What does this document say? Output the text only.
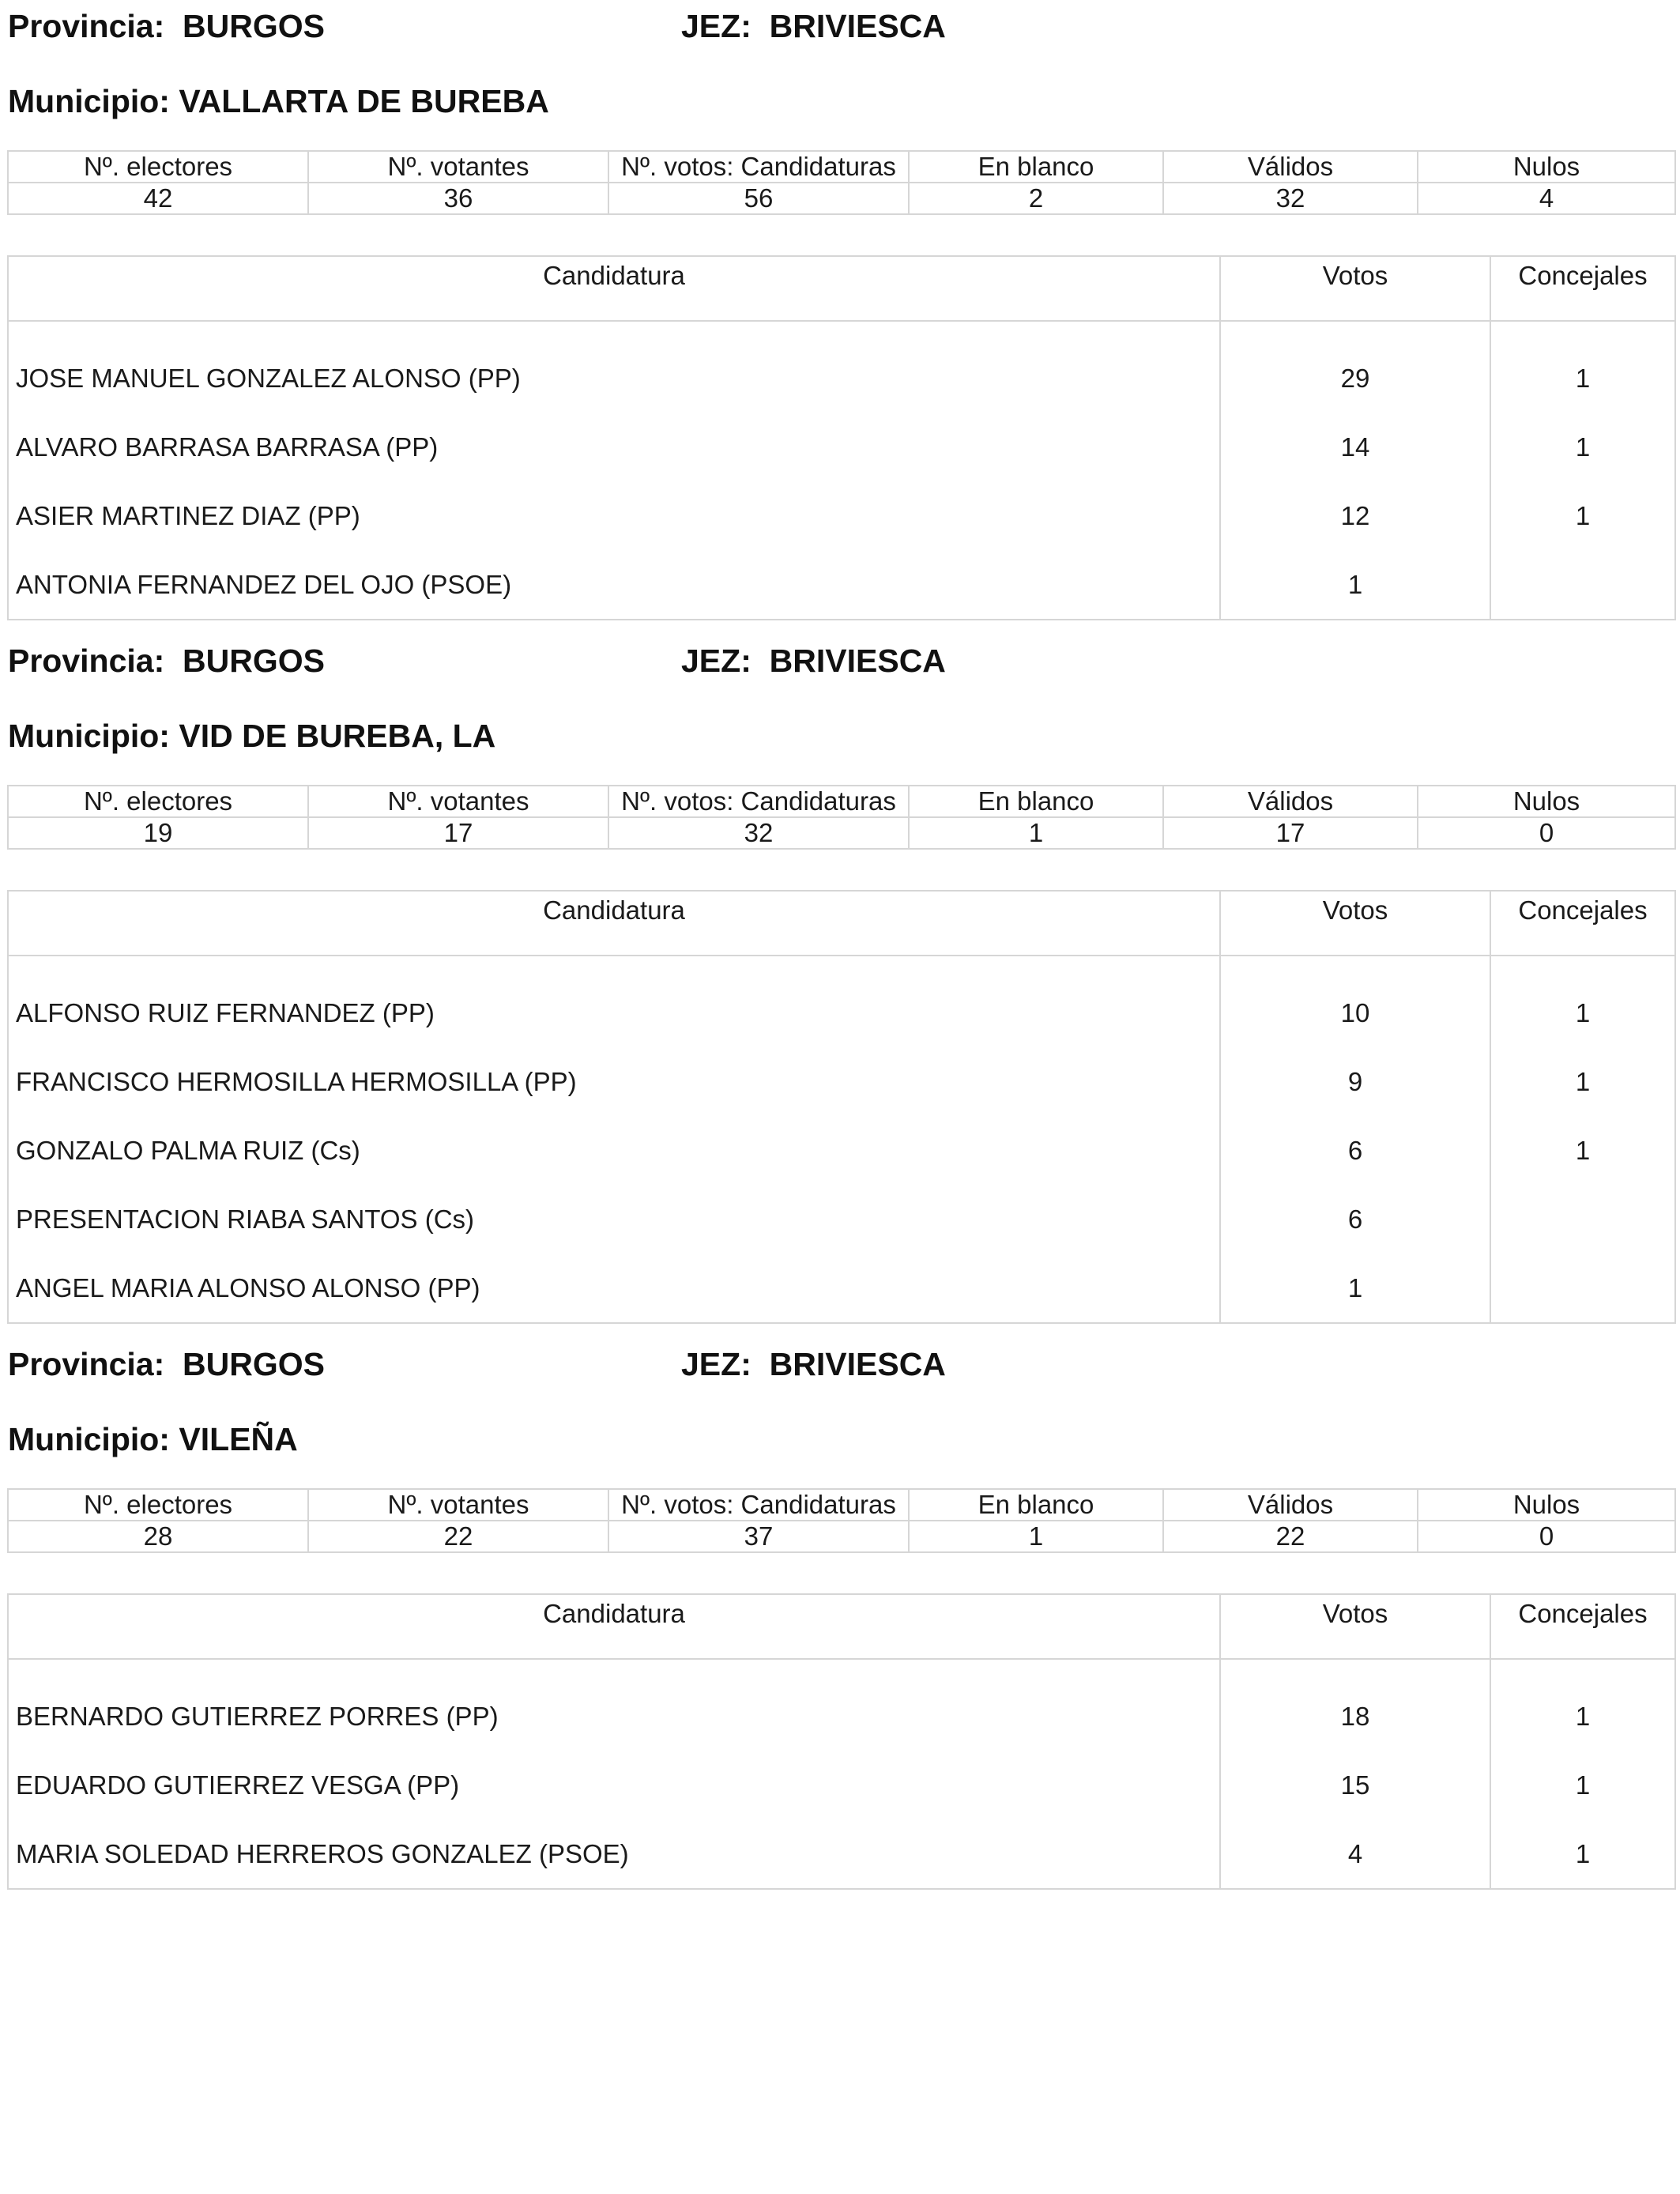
Provincia: BURGOS	JEZ: BRIVIESCA
Municipio: VALLARTA DE BUREBA
Nº. electores	Nº. votantes	Nº. votos: Candidaturas	En blanco	Válidos	Nulos
42	36	56	2	32	4
Candidatura	Votos	Concejales

JOSE MANUEL GONZALEZ ALONSO (PP)	29	1
ALVARO BARRASA BARRASA (PP)	14	1
ASIER MARTINEZ DIAZ (PP)	12	1
ANTONIA FERNANDEZ DEL OJO (PSOE)	1	
Provincia: BURGOS	JEZ: BRIVIESCA
Municipio: VID DE BUREBA, LA
Nº. electores	Nº. votantes	Nº. votos: Candidaturas	En blanco	Válidos	Nulos
19	17	32	1	17	0
Candidatura	Votos	Concejales

ALFONSO RUIZ FERNANDEZ (PP)	10	1
FRANCISCO HERMOSILLA HERMOSILLA (PP)	9	1
GONZALO PALMA RUIZ (Cs)	6	1
PRESENTACION RIABA SANTOS (Cs)	6	
ANGEL MARIA ALONSO ALONSO (PP)	1	
Provincia: BURGOS	JEZ: BRIVIESCA
Municipio: VILEÑA
Nº. electores	Nº. votantes	Nº. votos: Candidaturas	En blanco	Válidos	Nulos
28	22	37	1	22	0
Candidatura	Votos	Concejales

BERNARDO GUTIERREZ PORRES (PP)	18	1
EDUARDO GUTIERREZ VESGA (PP)	15	1
MARIA SOLEDAD HERREROS GONZALEZ (PSOE)	4	1
